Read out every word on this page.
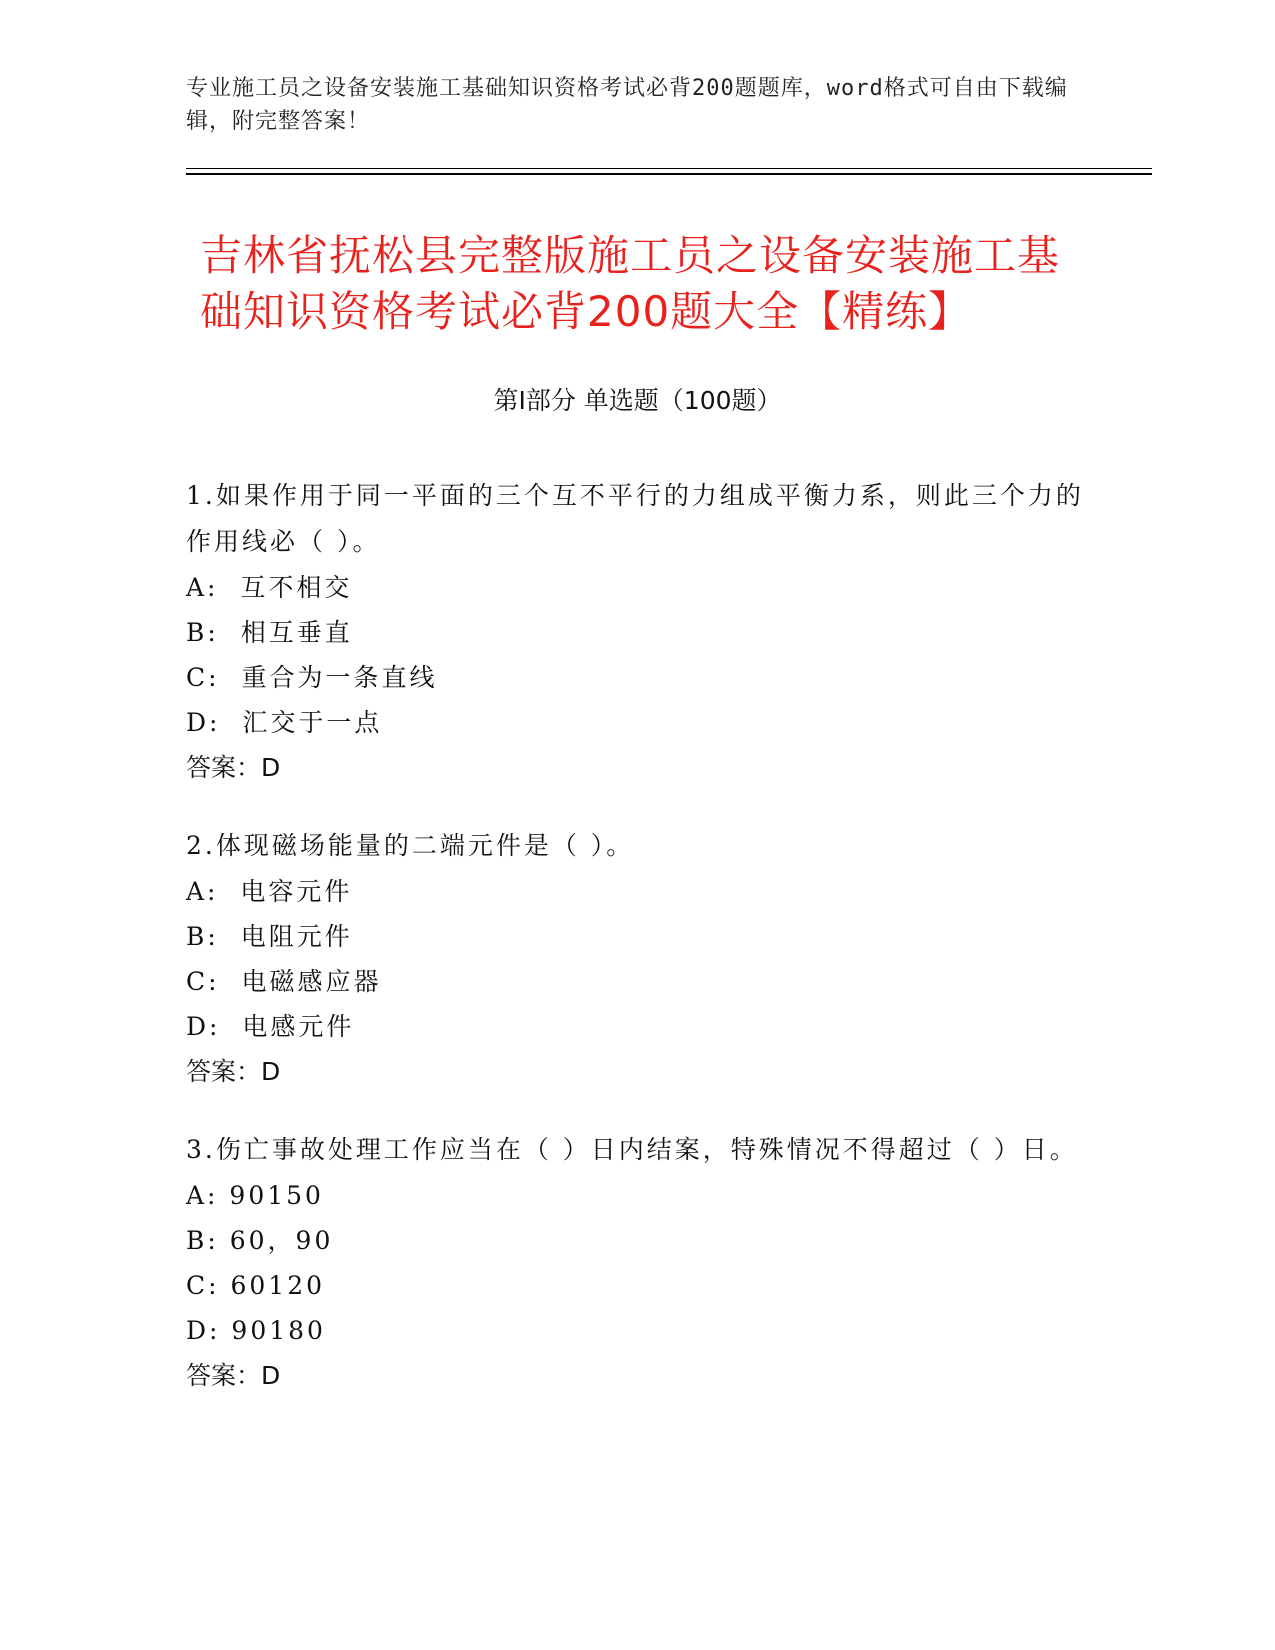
专业施工员之设备安装施工基础知识资格考试必背200题题库，word格式可自由下载编辑，附完整答案！
吉林省抚松县完整版施工员之设备安装施工基础知识资格考试必背200题大全【精练】
第Ⅰ部分 单选题（100题）
1.如果作用于同一平面的三个互不平行的力组成平衡力系，则此三个力的作用线必（ ）。
A:  互不相交
B:  相互垂直
C:  重合为一条直线
D:  汇交于一点
答案：D
2.体现磁场能量的二端元件是（ ）。
A:  电容元件
B:  电阻元件
C:  电磁感应器
D:  电感元件
答案：D
3.伤亡事故处理工作应当在（ ）日内结案，特殊情况不得超过（ ）日。
A: 90150
B: 60，90
C: 60120
D: 90180
答案：D
